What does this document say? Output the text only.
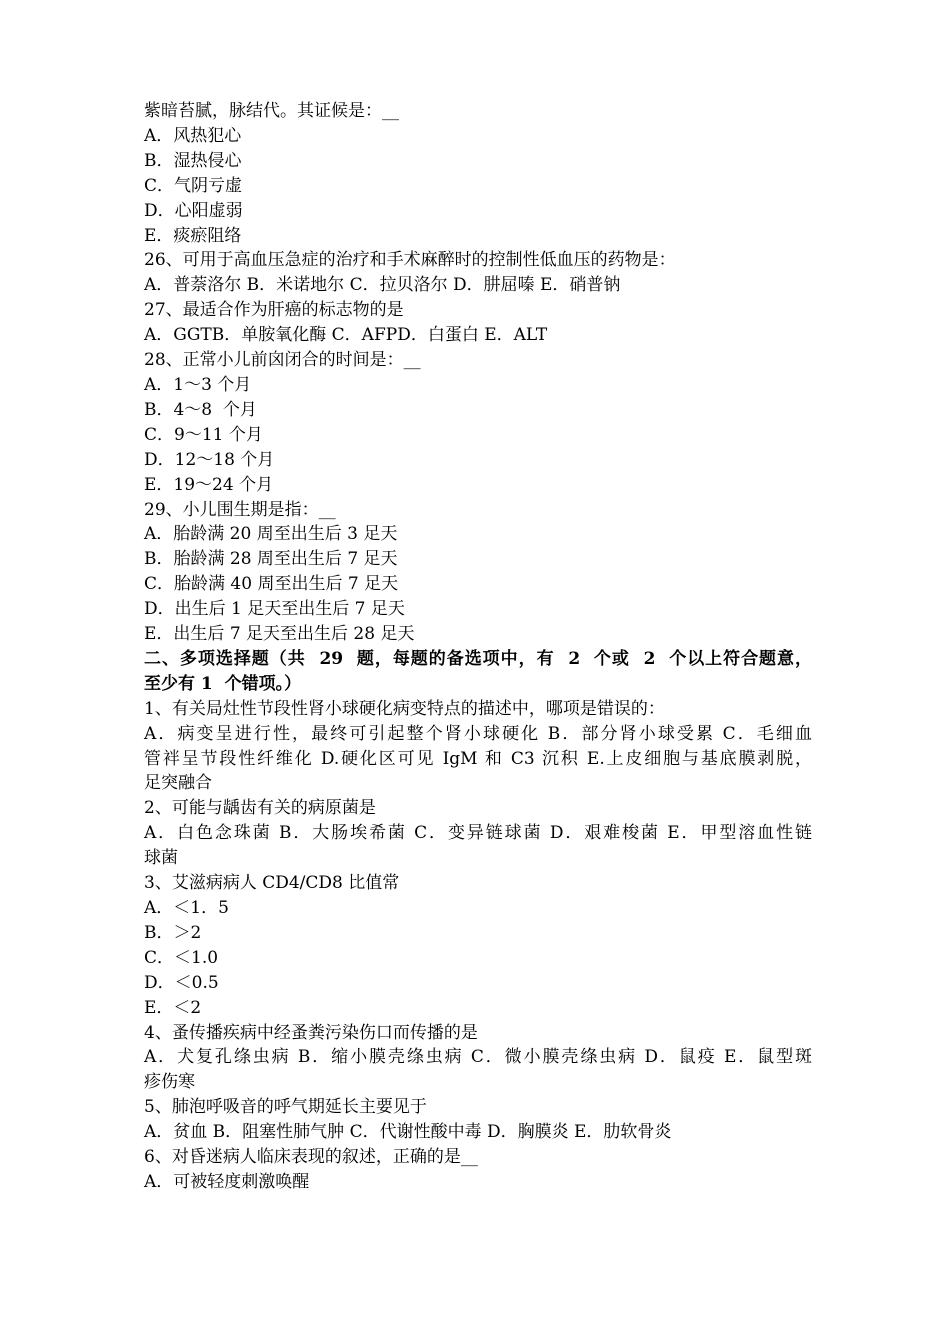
紫暗苔腻，脉结代。其证候是：__

A．风热犯心

B．湿热侵心

C．气阴亏虚

D．心阳虚弱

E．痰瘀阻络

26、可用于高血压急症的治疗和手术麻醉时的控制性低血压的药物是：

A．普萘洛尔 B．米诺地尔 C．拉贝洛尔 D．肼屈嗪 E．硝普钠

27、最适合作为肝癌的标志物的是

A．GGTB．单胺氧化酶 C．AFPD．白蛋白 E．ALT

28、正常小儿前囟闭合的时间是：__

A．1～3 个月

B．4～8  个月

C．9～11 个月

D．12～18 个月

E．19～24 个月

29、小儿围生期是指：__

A．胎龄满 20 周至出生后 3 足天

B．胎龄满 28 周至出生后 7 足天

C．胎龄满 40 周至出生后 7 足天

D．出生后 1 足天至出生后 7 足天

E．出生后 7 足天至出生后 28 足天

二、多项选择题（共  29  题，每题的备选项中，有  2  个或  2  个以上符合题意，

至少有 1  个错项。）

1、有关局灶性节段性肾小球硬化病变特点的描述中，哪项是错误的：

A．病变呈进行性，最终可引起整个肾小球硬化 B．部分肾小球受累 C．毛细血

管袢呈节段性纤维化 D.硬化区可见 IgM 和 C3 沉积 E.上皮细胞与基底膜剥脱，

足突融合

2、可能与龋齿有关的病原菌是

A．白色念珠菌 B．大肠埃希菌 C．变异链球菌 D．艰难梭菌 E．甲型溶血性链

球菌

3、艾滋病病人 CD4/CD8 比值常

A．＜1．5

B．＞2

C．＜1.0

D．＜0.5

E．＜2

4、蚤传播疾病中经蚤粪污染伤口而传播的是

A．犬复孔绦虫病 B．缩小膜壳绦虫病 C．微小膜壳绦虫病 D．鼠疫 E．鼠型斑

疹伤寒

5、肺泡呼吸音的呼气期延长主要见于

A．贫血 B．阻塞性肺气肿 C．代谢性酸中毒 D．胸膜炎 E．肋软骨炎

6、对昏迷病人临床表现的叙述，正确的是__

A．可被轻度刺激唤醒
